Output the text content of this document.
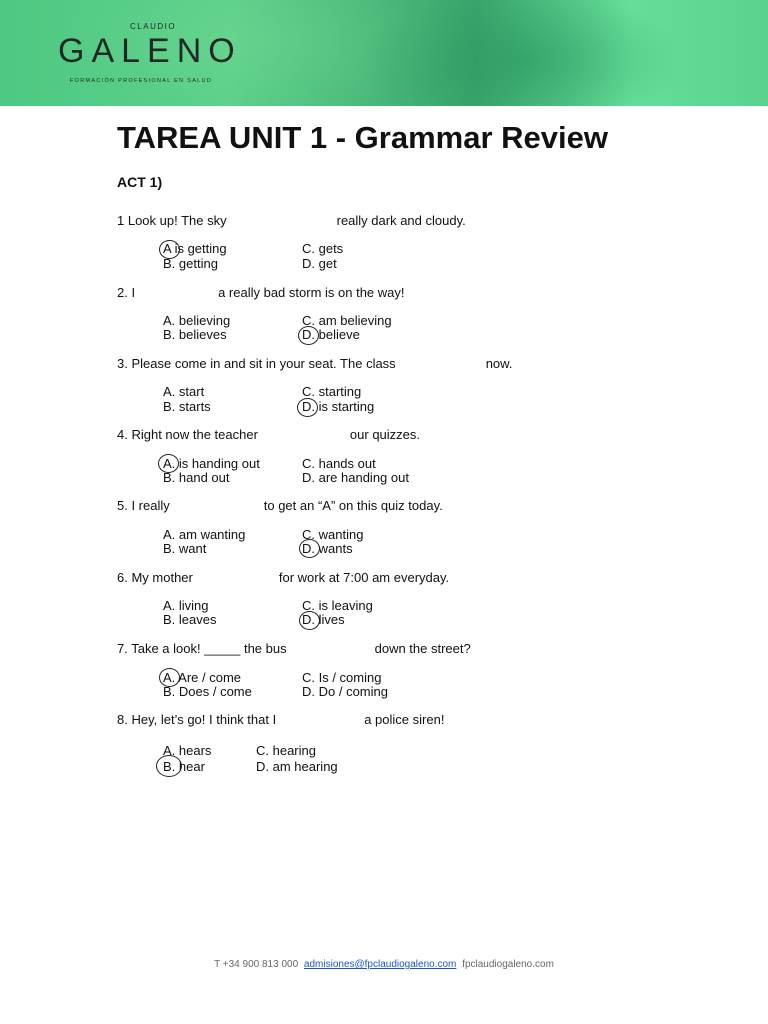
CLAUDIO
GALENO
FORMACIÓN PROFESIONAL EN SALUD
TAREA UNIT 1 - Grammar Review
ACT 1)
1 Look up! The sky	really dark and cloudy.
A is getting
B. getting
C. gets
D. get
2. I	a really bad storm is on the way!
A. believing
B. believes
C. am believing
D. believe
3. Please come in and sit in your seat. The class	now.
A. start
B. starts
C. starting
D. is starting
4. Right now the teacher	our quizzes.
A. is handing out
B. hand out
C. hands out
D. are handing out
5. I really	to get an “A” on this quiz today.
A. am wanting
B. want
C. wanting
D. wants
6. My mother	for work at 7:00 am everyday.
A. living
B. leaves
C. is leaving
D. lives
7. Take a look! _____ the bus	down the street?
A. Are / come
B. Does / come
C. Is / coming
D. Do / coming
8. Hey, let’s go! I think that I	a police siren!
A. hears
B. hear
C. hearing
D. am hearing
T +34 900 813 000 admisiones@fpclaudiogaleno.com fpclaudiogaleno.com
